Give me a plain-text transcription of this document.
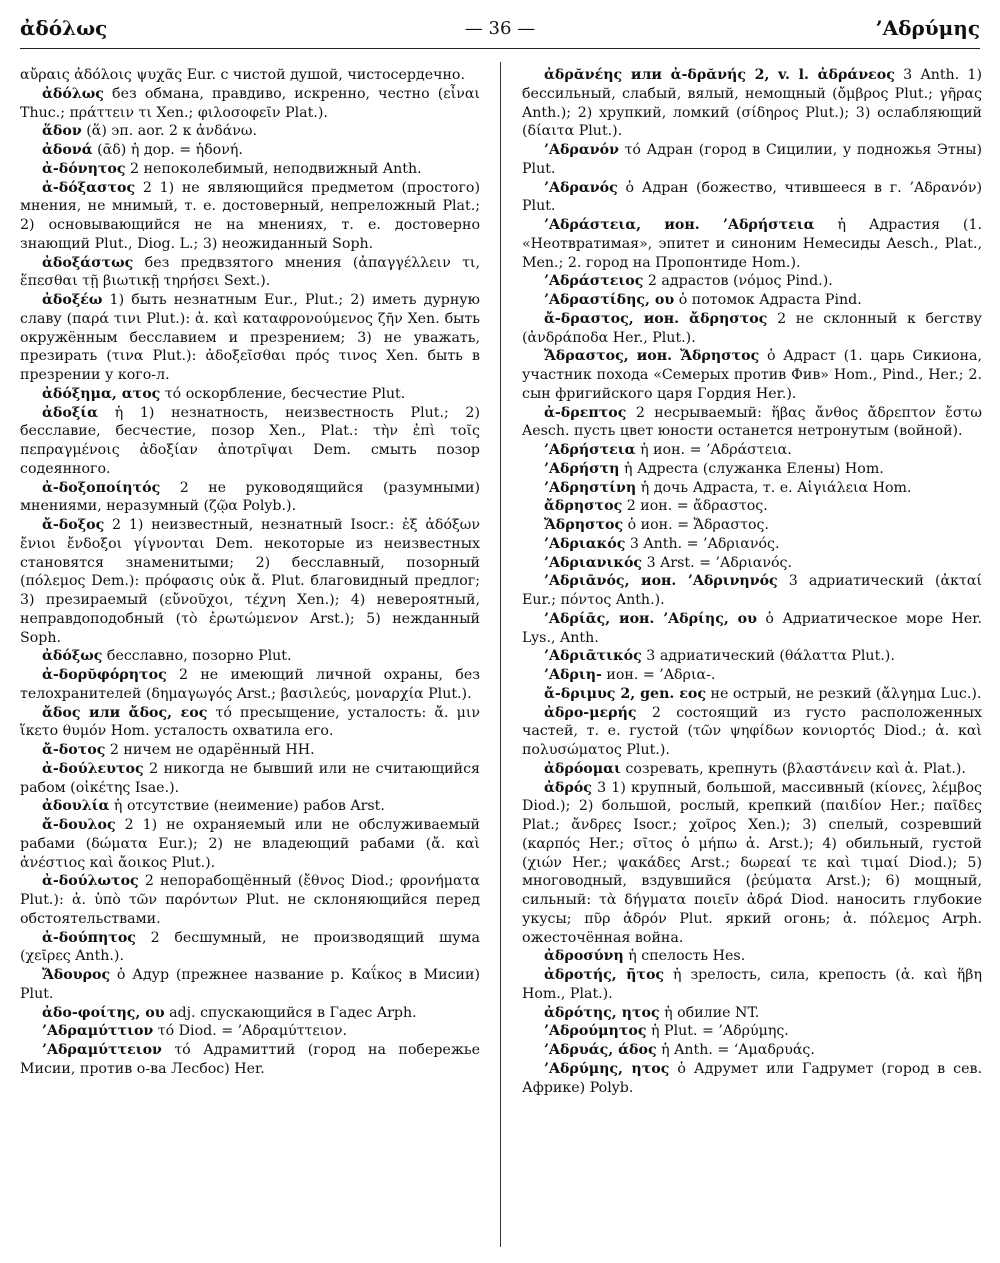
ἀδόλως	— 36 —	’Αδρύμης

αὔραις ἀδόλοις ψυχᾶς Eur. с чистой душой, чистосердечно.

ἀδόλως без обмана, правдиво, искренно, честно (εἶναι Thuc.; πράττειν τι Xen.; φιλοσοφεῖν Plat.).

ἅδον (ἅ) эп. aor. 2 к ἁνδάνω.

ἀδονά (ᾱδ) ἡ дор. = ἡδονή.

ἀ-δόνητος 2 непоколебимый, неподвижный Anth.

ἀ-δόξαστος 2 1) не являющийся предметом (простого) мнения, не мнимый, т. е. достоверный, непреложный Plat.; 2) основывающийся не на мнениях, т. е. достоверно знающий Plut., Diog. L.; 3) неожиданный Soph.

ἀδοξάστως без предвзятого мнения (ἀπαγγέλλειν τι, ἕπεσθαι τῇ βιωτικῇ τηρήσει Sext.).

ἀδοξέω 1) быть незнатным Eur., Plut.; 2) иметь дурную славу (παρά τινι Plut.): ἀ. καὶ καταφρονούμενος ζῆν Xen. быть окружённым бесславием и презрением; 3) не уважать, презирать (τινα Plut.): ἀδοξεῖσθαι πρός τινος Xen. быть в презрении у кого-л.

ἀδόξημα, ατος τό оскорбление, бесчестие Plut.

ἀδοξία ἡ 1) незнатность, неизвестность Plut.; 2) бесславие, бесчестие, позор Xen., Plat.: τὴν ἐπὶ τοῖς πεπραγμένοις ἀδοξίαν ἀποτρῖψαι Dem. смыть позор содеянного.

ἀ-δοξοποίητός 2 не руководящийся (разумными) мнениями, неразумный (ζῷα Polyb.).

ἄ-δοξος 2 1) неизвестный, незнатный Isocr.: ἐξ ἀδόξων ἔνιοι ἔνδοξοι γίγνονται Dem. некоторые из неизвестных становятся знаменитыми; 2) бесславный, позорный (πόλεμος Dem.): πρόφασις οὐκ ἄ. Plut. благовидный предлог; 3) презираемый (εὔνοῦχοι, τέχνη Xen.); 4) невероятный, неправдоподобный (τὸ ἐρωτώμενον Arst.); 5) нежданный Soph.

ἀδόξως бесславно, позорно Plut.

ἀ-δορῠφόρητος 2 не имеющий личной охраны, без телохранителей (δημαγωγός Arst.; βασιλεύς, μοναρχία Plut.).

ἄδος или ἄδος, εος τό пресыщение, усталость: ἄ. μιν ἵκετο θυμόν Hom. усталость охватила его.

ἄ-δοτος 2 ничем не одарённый HH.

ἀ-δούλευτος 2 никогда не бывший или не считающийся рабом (οἰκέτης Isae.).

ἀδουλία ἡ отсутствие (неимение) рабов Arst.

ἄ-δουλος 2 1) не охраняемый или не обслуживаемый рабами (δώματα Eur.); 2) не владеющий рабами (ἄ. καὶ ἀνέστιος καὶ ἄοικος Plut.).

ἀ-δούλωτος 2 непорабощённый (ἔθνος Diod.; φρονήματα Plut.): ἀ. ὑπὸ τῶν παρόντων Plut. не склоняющийся перед обстоятельствами.

ἀ-δούπητος 2 бесшумный, не производящий шума (χεῖρες Anth.).

Ἄδουρος ὁ Адур (прежнее название р. Καΐκος в Мисии) Plut.

ἀδο-φοίτης, ου adj. спускающийся в Гадес Arph.

’Αδραμύττιον τό Diod. = ’Αδραμύττειον.

’Αδραμύττειον τό Адрамиттий (город на побережье Мисии, против о-ва Лесбос) Her.

ἀδρᾰνέης или ἀ-δρᾰνής 2, v. l. ἀδράνεος 3 Anth. 1) бессильный, слабый, вялый, немощный (ὄμβρος Plut.; γῆρας Anth.); 2) хрупкий, ломкий (σίδηρος Plut.); 3) ослабляющий (δίαιτα Plut.).

’Αδρανόν τό Адран (город в Сицилии, у подножья Этны) Plut.

’Αδρανός ὁ Адран (божество, чтившееся в г. ’Αδρανόν) Plut.

’Αδράστεια, ион. ’Αδρήστεια ἡ Адрастия (1. «Неотвратимая», эпитет и синоним Немесиды Aesch., Plat., Men.; 2. город на Пропонтиде Hom.).

’Αδράστειος 2 адрастов (νόμος Pind.).

’Αδραστίδης, ου ὁ потомок Адраста Pind.

ἄ-δραστος, ион. ἄδρηστος 2 не склонный к бегству (ἀνδράποδα Her., Plut.).

Ἄδραστος, ион. Ἄδρηστος ὁ Адраст (1. царь Сикиона, участник похода «Семерых против Фив» Hom., Pind., Her.; 2. сын фригийского царя Гордия Her.).

ἀ-δρεπτος 2 несрываемый: ἥβας ἄνθος ἄδρεπτον ἔστω Aesch. пусть цвет юности останется нетронутым (войной).

’Αδρήστεια ἡ ион. = ’Αδράστεια.

’Αδρήστη ἡ Адреста (служанка Елены) Hom.

’Αδρηστίνη ἡ дочь Адраста, т. е. Αἰγιάλεια Hom.

ἄδρηστος 2 ион. = ἄδραστος.

Ἄδρηστος ὁ ион. = Ἄδραστος.

’Αδριακός 3 Anth. = ’Αδριανός.

’Αδριανικός 3 Arst. = ’Αδριανός.

’Αδριᾱνός, ион. ’Αδρινηνός 3 адриатический (ἀκταί Eur.; πόντος Anth.).

’Αδρίᾱς, ион. ’Αδρίης, ου ὁ Адриатическое море Her. Lys., Anth.

’Αδριᾱτικός 3 адриатический (θάλαττα Plut.).

’Αδριη- ион. = ’Αδρια-.

ἄ-δριμυς 2, gen. εος не острый, не резкий (ἄλγημα Luc.).

ἀδρο-μερής 2 состоящий из густо расположенных частей, т. е. густой (τῶν ψηφίδων κονιορτός Diod.; ἀ. καὶ πολυσώματος Plut.).

ἀδρόομαι созревать, крепнуть (βλαστάνειν καὶ ἀ. Plat.).

ἀδρός 3 1) крупный, большой, массивный (κίονες, λέμβος Diod.); 2) большой, рослый, крепкий (παιδίον Her.; παῖδες Plat.; ἄνδρες Isocr.; χοῖρος Xen.); 3) спелый, созревший (καρπός Her.; σῖτος ὁ μήπω ἀ. Arst.); 4) обильный, густой (χιών Her.; ψακάδες Arst.; δωρεαί τε καὶ τιμαί Diod.); 5) многоводный, вздувшийся (ῥεύματα Arst.); 6) мощный, сильный: τὰ δήγματα ποιεῖν ἀδρά Diod. наносить глубокие укусы; πῦρ ἀδρόν Plut. яркий огонь; ἀ. πόλεμος Arph. ожесточённая война.

ἀδροσύνη ἡ спелость Hes.

ἀδροτής, ῆτος ἡ зрелость, сила, крепость (ἀ. καὶ ἥβη Hom., Plat.).

ἀδρότης, ητος ἡ обилие NT.

’Αδρούμητος ἡ Plut. = ’Αδρύμης.

’Αδρυάς, άδος ἡ Anth. = ‘Αμαδρυάς.

’Αδρύμης, ητος ὁ Адрумет или Гадрумет (город в сев. Африке) Polyb.
